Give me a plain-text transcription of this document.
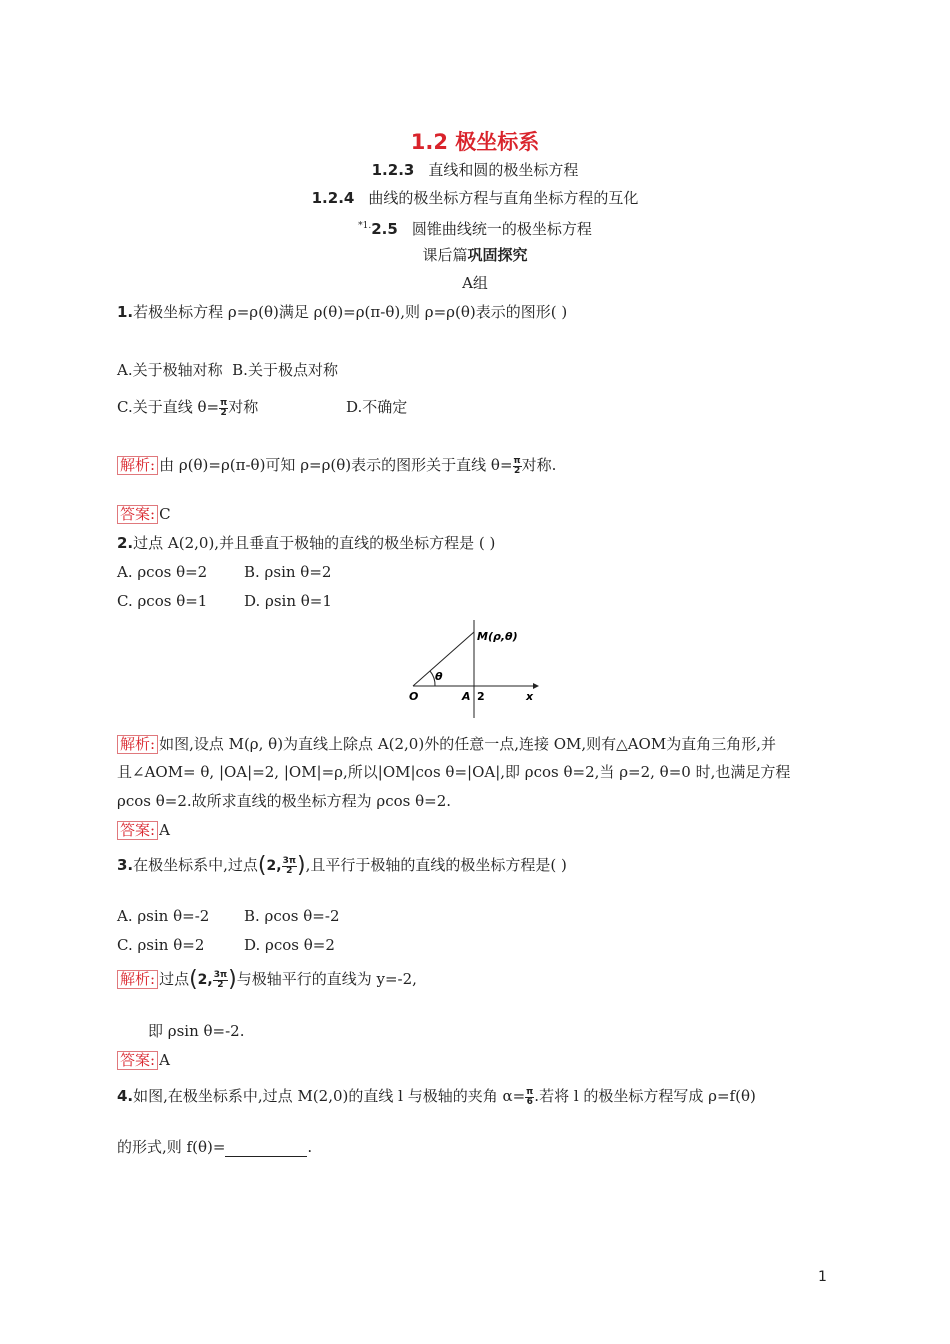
1.2 极坐标系
1.2.3 直线和圆的极坐标方程
1.2.4 曲线的极坐标方程与直角坐标方程的互化
$^{*1.}$2.5 圆锥曲线统一的极坐标方程
课后篇巩固探究
A组
1.若极坐标方程 ρ=ρ(θ)满足 ρ(θ)=ρ(π-θ),则 ρ=ρ(θ)表示的图形( )
A.关于极轴对称 B.关于极点对称
C.关于直线 $\theta= \frac{\pi}{2}$ 对称	D.不确定
解析: 由 ρ(θ)=ρ(π-θ)可知 ρ=ρ(θ)表示的图形关于直线 $\theta= \frac{\pi}{2}$ 对称.
答案: C
2.过点 A(2,0),并且垂直于极轴的直线的极坐标方程是 ( )
A. ρcos θ=2 B. ρsin θ=2
C. ρcos θ=1 D. ρsin θ=1
M(ρ,θ)
θ
O	A 2	x
解析: 如图,设点 M(ρ, θ)为直线上除点 A(2,0)外的任意一点,连接 OM,则有△AOM为直角三角形,并
且∠AOM= θ, |OA|=2, |OM|=ρ,所以|OM|cos θ=|OA|,即 ρcos θ=2,当 ρ=2, θ=0 时,也满足方程
ρcos θ=2.故所求直线的极坐标方程为 ρcos θ=2.
答案: A
3.在极坐标系中,过点(2, $\frac{3\pi}{2}$ ),且平行于极轴的直线的极坐标方程是( )
A. ρsin θ=-2 B. ρcos θ=-2
C. ρsin θ=2	D. ρcos θ=2
解析: 过点(2, $\frac{3\pi}{2}$ )与极轴平行的直线为 y=-2,
即 ρsin θ=-2.
答案: A
4.如图,在极坐标系中,过点 M(2,0)的直线 l 与极轴的夹角 $\alpha= \frac{\pi}{6}$ .若将 l 的极坐标方程写成 ρ=f(θ)
的形式,则 f(θ)=	.
1
